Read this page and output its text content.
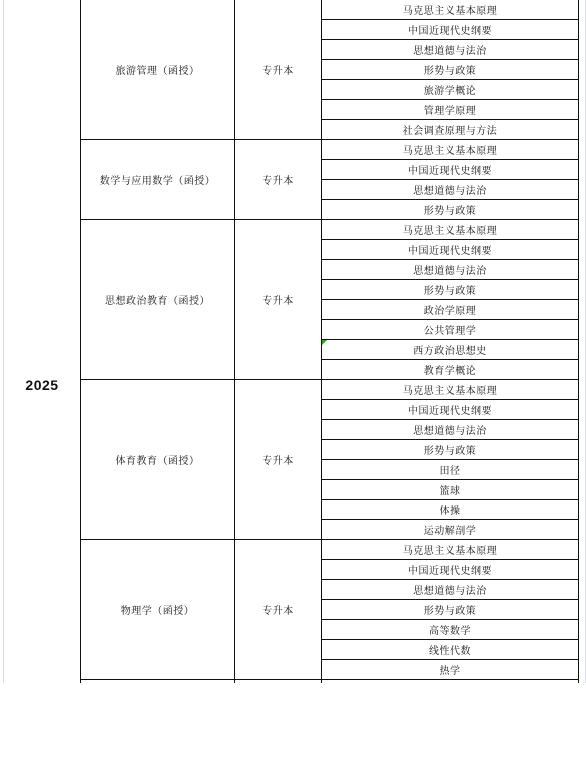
2025
旅游管理（函授）	专升本
马克思主义基本原理
中国近现代史纲要
思想道德与法治
形势与政策
旅游学概论
管理学原理
社会调查原理与方法
数学与应用数学（函授）	专升本
马克思主义基本原理
中国近现代史纲要
思想道德与法治
形势与政策
思想政治教育（函授）	专升本
马克思主义基本原理
中国近现代史纲要
思想道德与法治
形势与政策
政治学原理
公共管理学
西方政治思想史
教育学概论
体育教育（函授）	专升本
马克思主义基本原理
中国近现代史纲要
思想道德与法治
形势与政策
田径
篮球
体操
运动解剖学
物理学（函授）	专升本
马克思主义基本原理
中国近现代史纲要
思想道德与法治
形势与政策
高等数学
线性代数
热学
